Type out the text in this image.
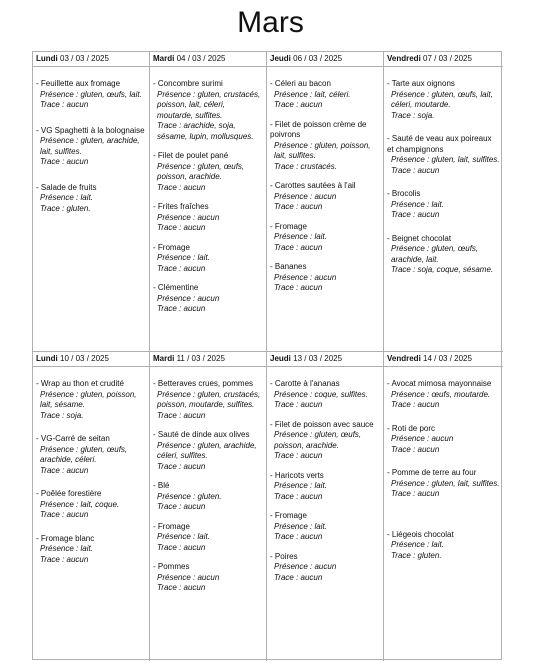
Mars
Lundi 03 / 03 / 2025
- Feuillette aux fromage
Présence : gluten, œufs, lait.
Trace : aucun
- VG Spaghetti à la bolognaise
Présence : gluten, arachide, lait, sulfites.
Trace : aucun
- Salade de fruits
Présence : lait.
Trace : gluten.
Mardi 04 / 03 / 2025
- Concombre surimi
Présence : gluten, crustacés, poisson, lait, céleri, moutarde, sulfites.
Trace : arachide, soja, sésame, lupin, mollusques.
- Filet de poulet pané
Présence : gluten, œufs, poisson, arachide.
Trace : aucun
- Frites fraîches
Présence : aucun
Trace : aucun
- Fromage
Présence : lait.
Trace : aucun
- Clémentine
Présence : aucun
Trace : aucun
Jeudi 06 / 03 / 2025
- Céleri au bacon
Présence : lait, céleri.
Trace : aucun
- Filet de poisson crème de poivrons
Présence : gluten, poisson, lait, sulfites.
Trace : crustacés.
- Carottes sautées à l'ail
Présence : aucun
Trace : aucun
- Fromage
Présence : lait.
Trace : aucun
- Bananes
Présence : aucun
Trace : aucun
Vendredi 07 / 03 / 2025
- Tarte aux oignons
Présence : gluten, œufs, lait, céleri, moutarde.
Trace : soja.
- Sauté de veau aux poireaux et champignons
Présence : gluten, lait, sulfites.
Trace : aucun
- Brocolis
Présence : lait.
Trace : aucun
- Beignet chocolat
Présence : gluten, œufs, arachide, lait.
Trace : soja, coque, sésame.
Lundi 10 / 03 / 2025
- Wrap au thon et crudité
Présence : gluten, poisson, lait, sésame.
Trace : soja.
- VG-Carré de seitan
Présence : gluten, œufs, arachide, céleri.
Trace : aucun
- Poêlée forestière
Présence : lait, coque.
Trace : aucun
- Fromage blanc
Présence : lait.
Trace : aucun
Mardi 11 / 03 / 2025
- Betteraves crues, pommes
Présence : gluten, crustacés, poisson, moutarde, sulfites.
Trace : aucun
- Sauté de dinde aux olives
Présence : gluten, arachide, céleri, sulfites.
Trace : aucun
- Blé
Présence : gluten.
Trace : aucun
- Fromage
Présence : lait.
Trace : aucun
- Pommes
Présence : aucun
Trace : aucun
Jeudi 13 / 03 / 2025
- Carotte à l'ananas
Présence : coque, sulfites.
Trace : aucun
- Filet de poisson avec sauce
Présence : gluten, œufs, poisson, arachide.
Trace : aucun
- Haricots verts
Présence : lait.
Trace : aucun
- Fromage
Présence : lait.
Trace : aucun
- Poires
Présence : aucun
Trace : aucun
Vendredi 14 / 03 / 2025
- Avocat mimosa mayonnaise
Présence : œufs, moutarde.
Trace : aucun
- Roti de porc
Présence : aucun
Trace : aucun
- Pomme de terre au four
Présence : gluten, lait, sulfites.
Trace : aucun
- Liégeois chocolat
Présence : lait.
Trace : gluten.
